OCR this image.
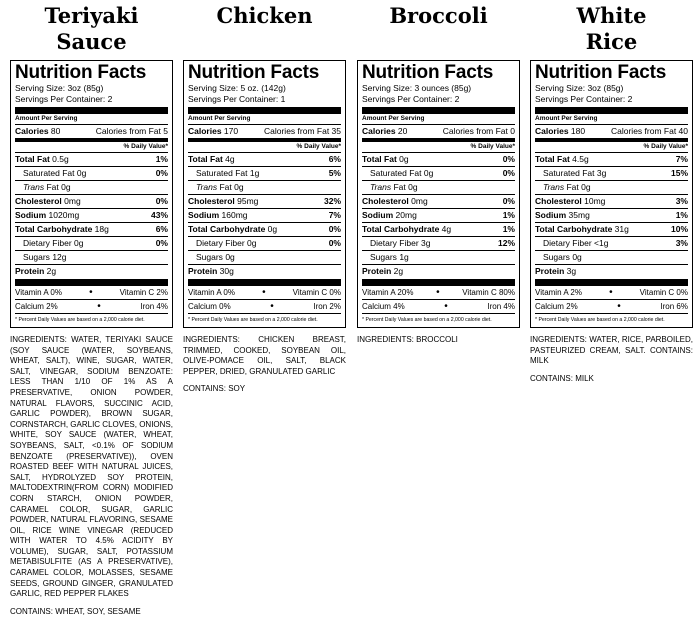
Teriyaki
Sauce
Nutrition Facts
Serving Size: 3oz (85g)
Servings Per Container: 2
Amount Per Serving
Calories 80	Calories from Fat 5
% Daily Value*
Total Fat 0.5g	1%
Saturated Fat 0g	0%
Trans Fat 0g
Cholesterol 0mg	0%
Sodium 1020mg	43%
Total Carbohydrate 18g	6%
Dietary Fiber 0g	0%
Sugars 12g
Protein 2g
Vitamin A 0%	•	Vitamin C 2%
Calcium 2%	•	Iron 4%
* Percent Daily Values are based on a 2,000 calorie diet.

INGREDIENTS: WATER, TERIYAKI SAUCE (SOY SAUCE (WATER, SOYBEANS, WHEAT, SALT), WINE, SUGAR, WATER, SALT, VINEGAR, SODIUM BENZOATE: LESS THAN 1/10 OF 1% AS A PRESERVATIVE, ONION POWDER, NATURAL FLAVORS, SUCCINIC ACID, GARLIC POWDER), BROWN SUGAR, CORNSTARCH, GARLIC CLOVES, ONIONS, WHITE, SOY SAUCE (WATER, WHEAT, SOYBEANS, SALT, <0.1% OF SODIUM BENZOATE (PRESERVATIVE)), OVEN ROASTED BEEF WITH NATURAL JUICES, SALT, HYDROLYZED SOY PROTEIN, MALTODEXTRIN(FROM CORN) MODIFIED CORN STARCH, ONION POWDER, CARAMEL COLOR, SUGAR, GARLIC POWDER, NATURAL FLAVORING, SESAME OIL, RICE WINE VINEGAR (REDUCED WITH WATER TO 4.5% ACIDITY BY VOLUME), SUGAR, SALT, POTASSIUM METABISULFITE (AS A PRESERVATIVE), CARAMEL COLOR, MOLASSES, SESAME SEEDS, GROUND GINGER, GRANULATED GARLIC, RED PEPPER FLAKES

CONTAINS: WHEAT, SOY, SESAME

Chicken
Nutrition Facts
Serving Size: 5 oz. (142g)
Servings Per Container: 1
Amount Per Serving
Calories 170	Calories from Fat 35
% Daily Value*
Total Fat 4g	6%
Saturated Fat 1g	5%
Trans Fat 0g
Cholesterol 95mg	32%
Sodium 160mg	7%
Total Carbohydrate 0g	0%
Dietary Fiber 0g	0%
Sugars 0g
Protein 30g
Vitamin A 0%	•	Vitamin C 0%
Calcium 0%	•	Iron 2%
* Percent Daily Values are based on a 2,000 calorie diet.

INGREDIENTS: CHICKEN BREAST, TRIMMED, COOKED, SOYBEAN OIL, OLIVE-POMACE OIL, SALT, BLACK PEPPER, DRIED, GRANULATED GARLIC

CONTAINS: SOY

Broccoli
Nutrition Facts
Serving Size: 3 ounces (85g)
Servings Per Container: 2
Amount Per Serving
Calories 20	Calories from Fat 0
% Daily Value*
Total Fat 0g	0%
Saturated Fat 0g	0%
Trans Fat 0g
Cholesterol 0mg	0%
Sodium 20mg	1%
Total Carbohydrate 4g	1%
Dietary Fiber 3g	12%
Sugars 1g
Protein 2g
Vitamin A 20% •	Vitamin C 80%
Calcium 4%	•	Iron 4%
* Percent Daily Values are based on a 2,000 calorie diet.

INGREDIENTS: BROCCOLI

White
Rice
Nutrition Facts
Serving Size: 3oz (85g)
Servings Per Container: 2
Amount Per Serving
Calories 180	Calories from Fat 40
% Daily Value*
Total Fat 4.5g	7%
Saturated Fat 3g	15%
Trans Fat 0g
Cholesterol 10mg	3%
Sodium 35mg	1%
Total Carbohydrate 31g	10%
Dietary Fiber <1g	3%
Sugars 0g
Protein 3g
Vitamin A 2%	•	Vitamin C 0%
Calcium 2%	•	Iron 6%
* Percent Daily Values are based on a 2,000 calorie diet.

INGREDIENTS: WATER, RICE, PARBOILED, PASTEURIZED CREAM, SALT. CONTAINS: MILK

CONTAINS: MILK
